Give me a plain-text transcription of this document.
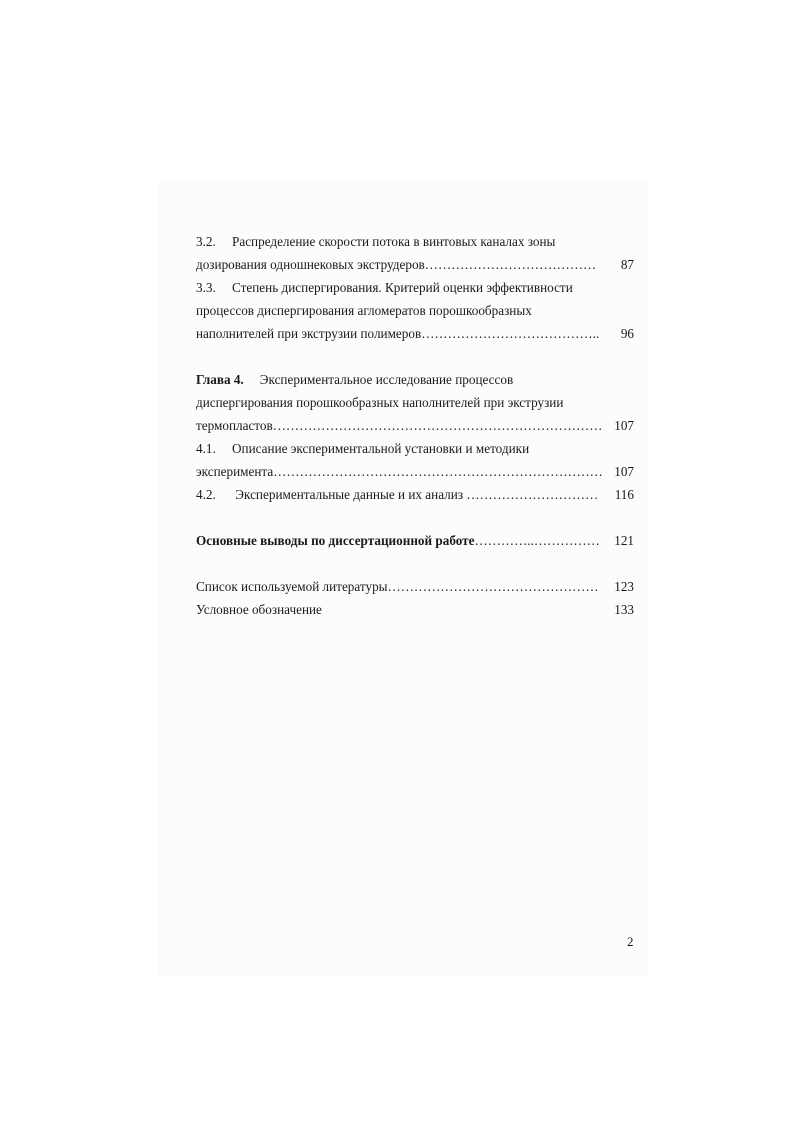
3.2. Распределение скорости потока в винтовых каналах зоны
дозирования одношнековых экструдеров………………………………… 87
3.3. Степень диспергирования. Критерий оценки эффективности
процессов диспергирования агломератов порошкообразных
наполнителей при экструзии полимеров………………………………….. 96
Глава 4. Экспериментальное исследование процессов
диспергирования порошкообразных наполнителей при экструзии
термопластов………………………………………………………………… 107
4.1. Описание экспериментальной установки и методики
эксперимента………………………………………………………………… 107
4.2. Экспериментальные данные и их анализ ………………………… 116
Основные выводы по диссертационной работе…………..…………… 121
Список используемой литературы………………………………………… 123
Условное обозначение	133
2
